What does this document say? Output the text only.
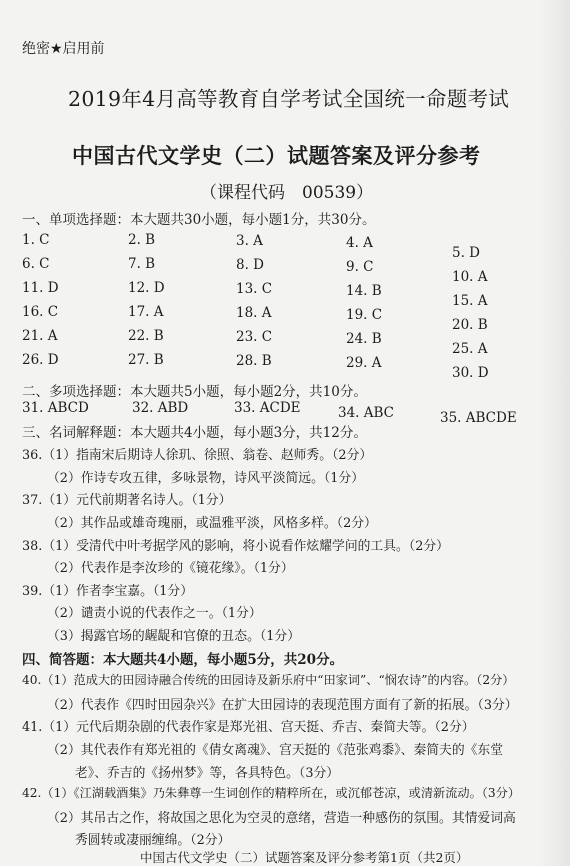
绝密★启用前
2019年4月高等教育自学考试全国统一命题考试
中国古代文学史（二）试题答案及评分参考
（课程代码　00539）
一、单项选择题：本大题共30小题，每小题1分，共30分。
1. C	2. B	3. A	4. A
5. D
6. C	7. B	8. D	9. C
10. A
11. D	12. D	13. C	14. B
15. A
16. C	17. A	18. A	19. C
20. B
21. A	22. B	23. C	24. B
25. A
26. D	27. B	28. B	29. A
30. D
二、多项选择题：本大题共5小题，每小题2分，共10分。
31. ABCD	32. ABD	33. ACDE	34. ABC	35. ABCDE
三、名词解释题：本大题共4小题，每小题3分，共12分。
36.（1）指南宋后期诗人徐玑、徐照、翁卷、赵师秀。（2分）
（2）作诗专攻五律，多咏景物，诗风平淡简远。（1分）
37.（1）元代前期著名诗人。（1分）
（2）其作品或雄奇瑰丽，或温雅平淡，风格多样。（2分）
38.（1）受清代中叶考据学风的影响，将小说看作炫耀学问的工具。（2分）
（2）代表作是李汝珍的《镜花缘》。（1分）
39.（1）作者李宝嘉。（1分）
（2）谴责小说的代表作之一。（1分）
（3）揭露官场的龌龊和官僚的丑态。（1分）
四、简答题：本大题共4小题，每小题5分，共20分。
40.（1）范成大的田园诗融合传统的田园诗及新乐府中“田家词”、“悯农诗”的内容。（2分）
（2）代表作《四时田园杂兴》在扩大田园诗的表现范围方面有了新的拓展。（3分）
41.（1）元代后期杂剧的代表作家是郑光祖、宫天挺、乔吉、秦简夫等。（2分）
（2）其代表作有郑光祖的《倩女离魂》、宫天挺的《范张鸡黍》、秦简夫的《东堂
老》、乔吉的《扬州梦》等，各具特色。（3分）
42.（1）《江湖载酒集》乃朱彝尊一生词创作的精粹所在，或沉郁苍凉，或清新流动。（3分）
（2）其吊古之作，将故国之思化为空灵的意绪，营造一种感伤的氛围。其情爱词高
秀圆转或凄丽缠绵。（2分）
中国古代文学史（二）试题答案及评分参考第1页（共2页）
